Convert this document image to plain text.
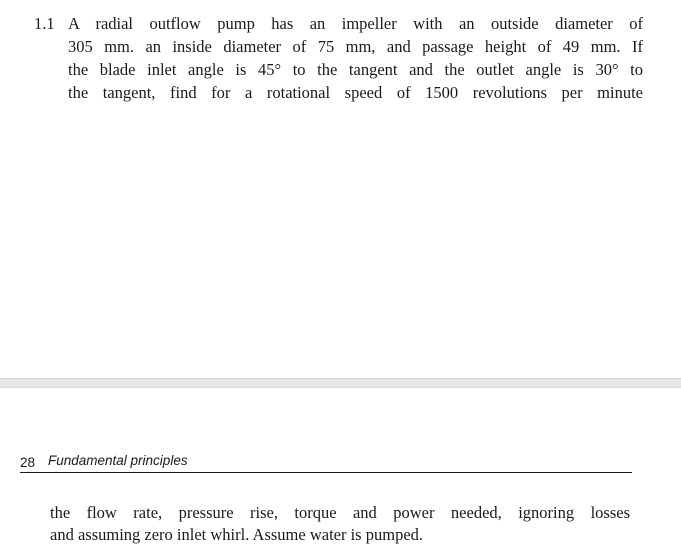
1.1 A radial outflow pump has an impeller with an outside diameter of
305 mm. an inside diameter of 75 mm, and passage height of 49 mm. If
the blade inlet angle is 45° to the tangent and the outlet angle is 30° to
the tangent, find for a rotational speed of 1500 revolutions per minute
28 Fundamental principles
the flow rate, pressure rise, torque and power needed, ignoring losses
and assuming zero inlet whirl. Assume water is pumped.
